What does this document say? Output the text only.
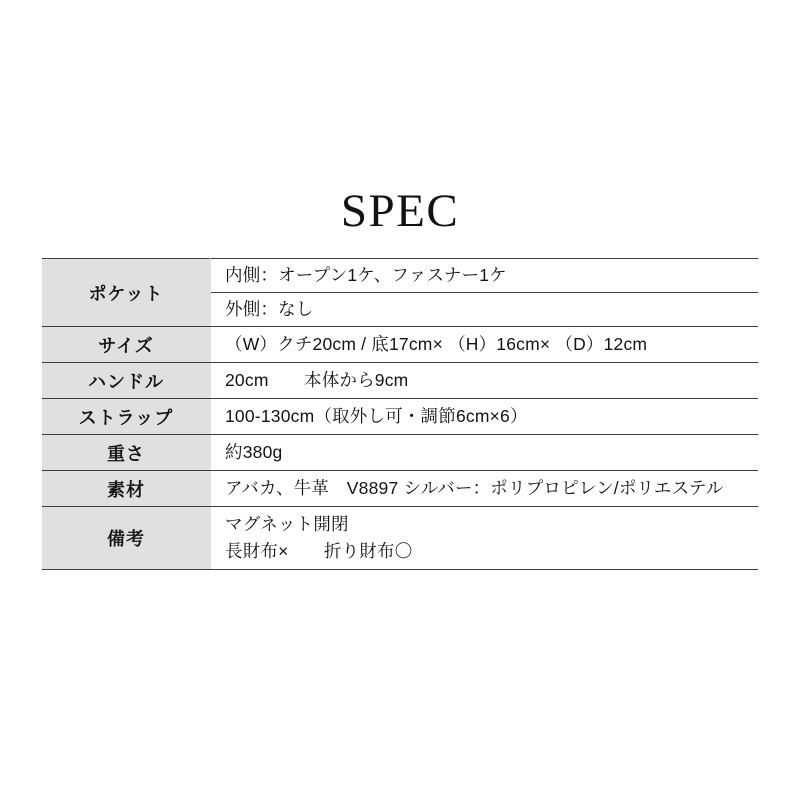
SPEC
ポケット	内側：オープン1ケ、ファスナー1ケ
	外側：なし
サイズ	（W）クチ20cm / 底17cm× （H）16cm× （D）12cm
ハンドル	20cm　　本体から9cm
ストラップ	100-130cm（取外し可・調節6cm×6）
重さ	約380g
素材	アバカ、牛革　V8897 シルバー：ポリプロピレン/ポリエステル
備考	マグネット開閉
長財布×　　折り財布〇
